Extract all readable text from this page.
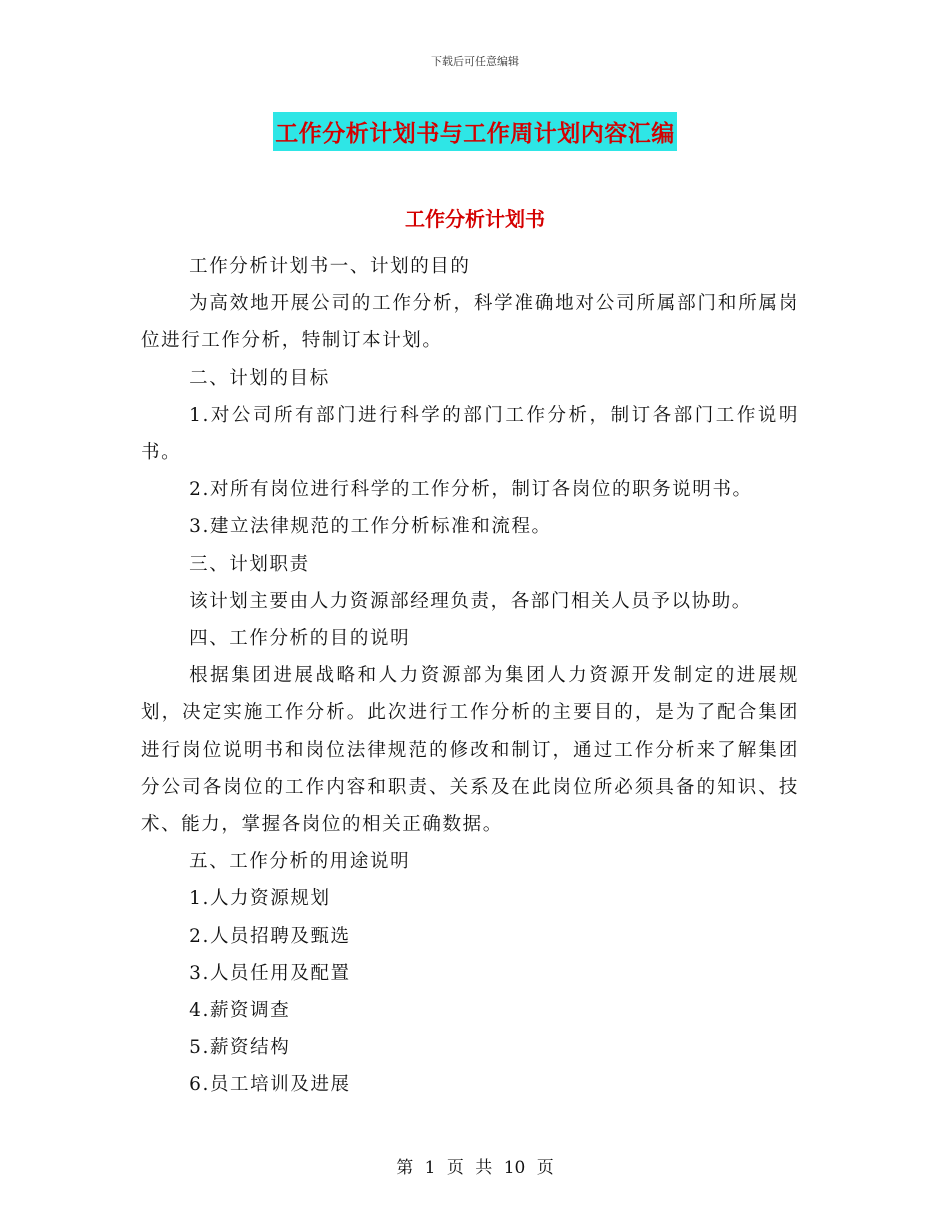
下载后可任意编辑
工作分析计划书与工作周计划内容汇编
工作分析计划书

工作分析计划书一、计划的目的

为高效地开展公司的工作分析，科学准确地对公司所属部门和所属岗位进行工作分析，特制订本计划。

二、计划的目标

1.对公司所有部门进行科学的部门工作分析，制订各部门工作说明书。

2.对所有岗位进行科学的工作分析，制订各岗位的职务说明书。

3.建立法律规范的工作分析标准和流程。

三、计划职责

该计划主要由人力资源部经理负责，各部门相关人员予以协助。

四、工作分析的目的说明

根据集团进展战略和人力资源部为集团人力资源开发制定的进展规划，决定实施工作分析。此次进行工作分析的主要目的，是为了配合集团进行岗位说明书和岗位法律规范的修改和制订，通过工作分析来了解集团分公司各岗位的工作内容和职责、关系及在此岗位所必须具备的知识、技术、能力，掌握各岗位的相关正确数据。

五、工作分析的用途说明

1.人力资源规划

2.人员招聘及甄选

3.人员任用及配置

4.薪资调查

5.薪资结构

6.员工培训及进展

第 1 页 共 10 页
